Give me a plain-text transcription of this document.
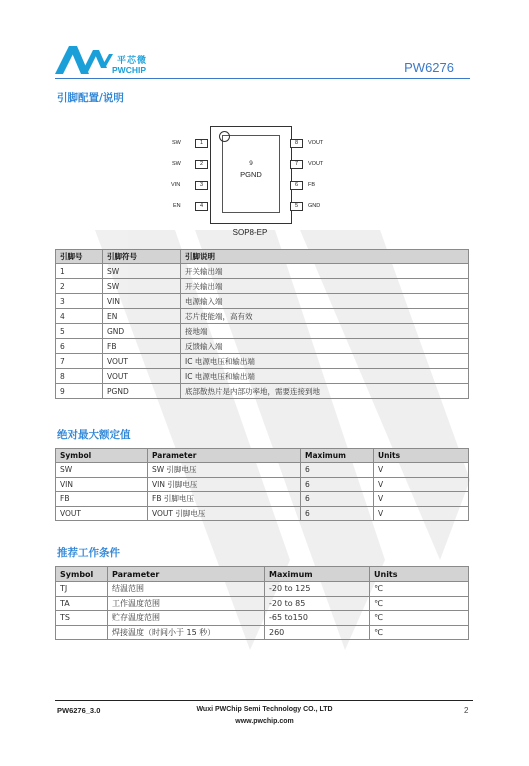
平芯微
PWCHIP	PW6276
引脚配置/说明
9
PGND
SW	1
SW	2
VIN	3
EN	4
8	VOUT
7	VOUT
6	FB
5	GND
SOP8-EP
引脚号	引脚符号	引脚说明
1	SW	开关输出端
2	SW	开关输出端
3	VIN	电源输入端
4	EN	芯片使能端，高有效
5	GND	接地端
6	FB	反馈输入端
7	VOUT	IC 电源电压和输出端
8	VOUT	IC 电源电压和输出端
9	PGND	底部散热片是内部功率地，需要连接到地
绝对最大额定值
Symbol	Parameter	Maximum	Units
SW	SW 引脚电压	6	V
VIN	VIN 引脚电压	6	V
FB	FB 引脚电压	6	V
VOUT	VOUT 引脚电压	6	V
推荐工作条件
Symbol	Parameter	Maximum	Units
TJ	结温范围	-20 to 125	℃
TA	工作温度范围	-20 to 85	℃
TS	贮存温度范围	-65 to150	℃
	焊接温度（时间小于 15 秒）	260	℃
PW6276_3.0	Wuxi PWChip Semi Technology CO., LTD
www.pwchip.com
2
